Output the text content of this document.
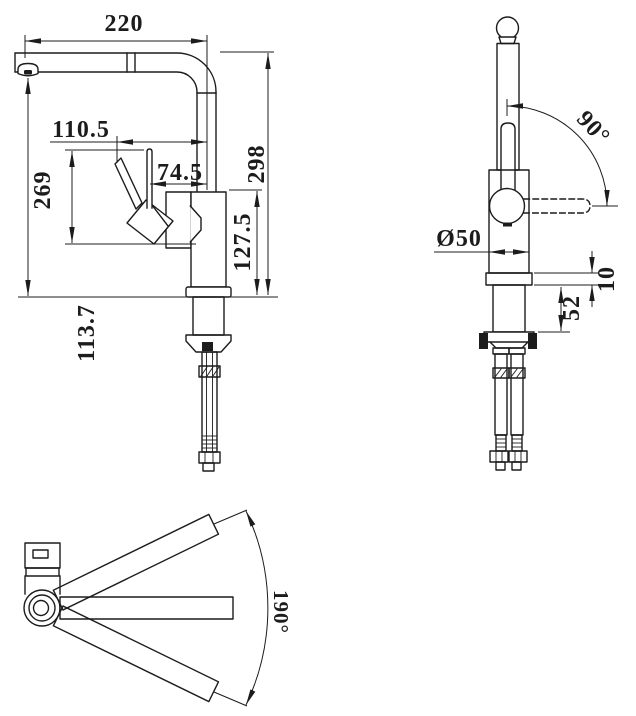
220
269
110.5
74.5
113.7
298
127.5
90°
Ø50
10
52
190°
